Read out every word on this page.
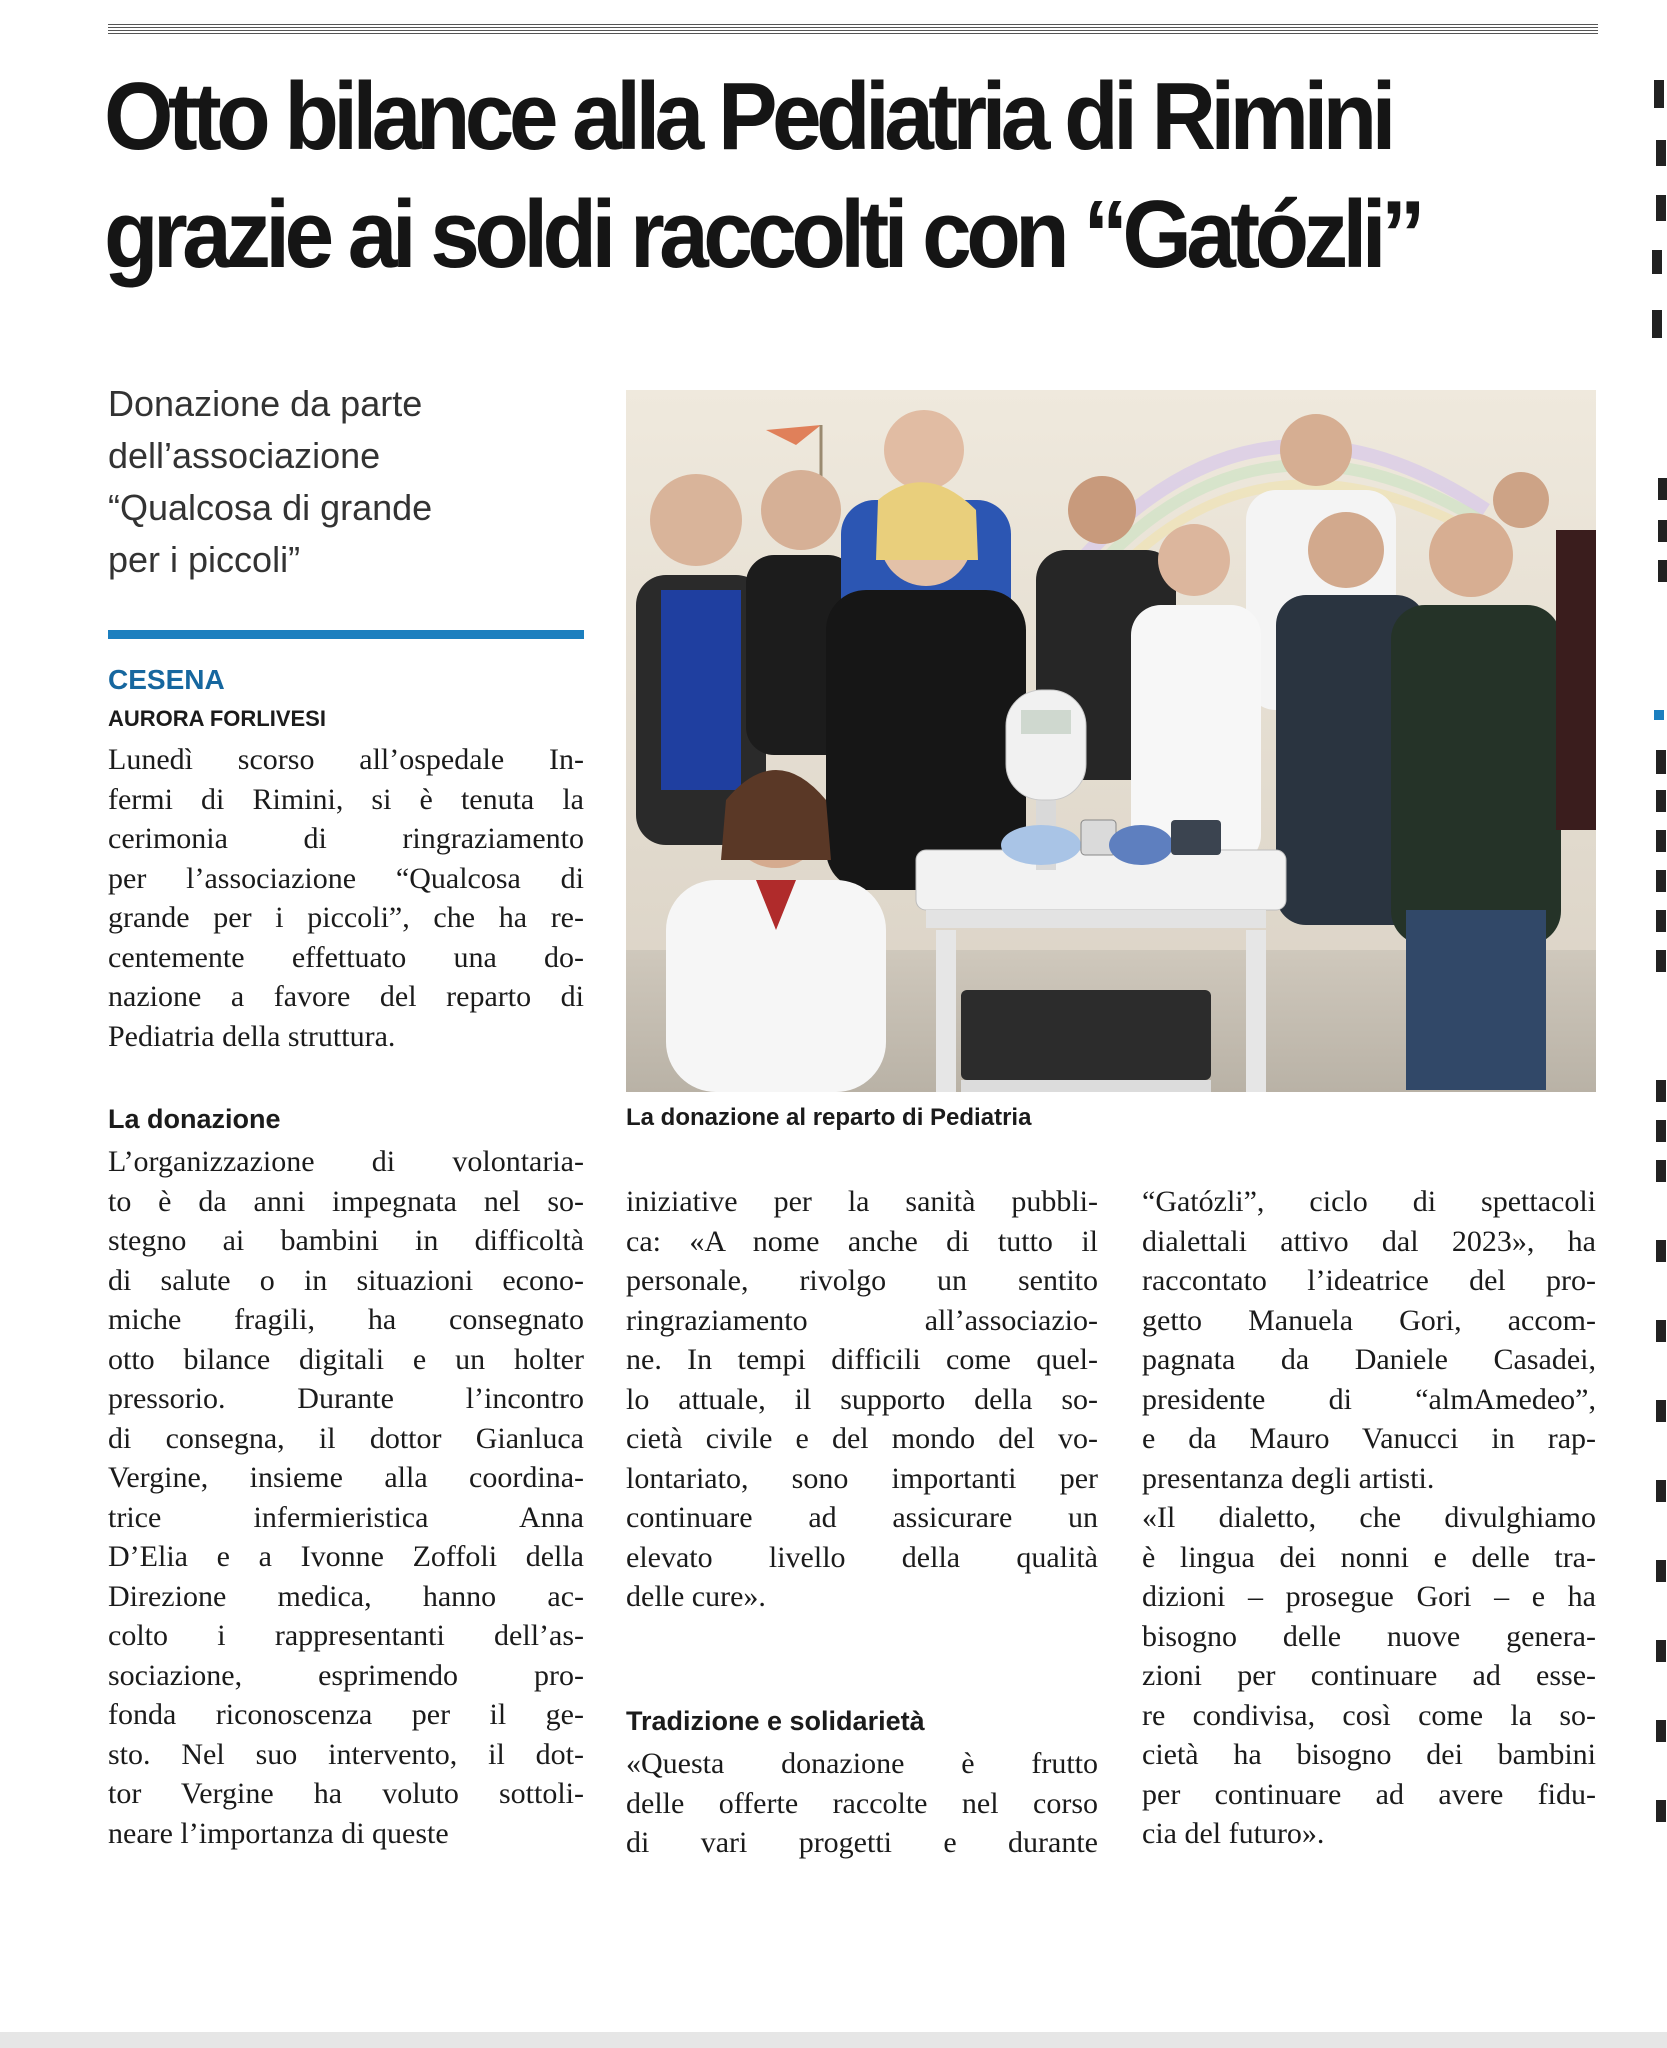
Otto bilance alla Pediatria di Rimini
grazie ai soldi raccolti con “Gatózli”

Donazione da parte
dell’associazione
“Qualcosa di grande
per i piccoli”

CESENA
AURORA FORLIVESI
Lunedì scorso all’ospedale In-
fermi di Rimini, si è tenuta la
cerimonia di ringraziamento
per l’associazione “Qualcosa di
grande per i piccoli”, che ha re-
centemente effettuato una do-
nazione a favore del reparto di
Pediatria della struttura.
La donazione
L’organizzazione di volontaria-
to è da anni impegnata nel so-
stegno ai bambini in difficoltà
di salute o in situazioni econo-
miche fragili, ha consegnato
otto bilance digitali e un holter
pressorio. Durante l’incontro
di consegna, il dottor Gianluca
Vergine, insieme alla coordina-
trice infermieristica Anna
D’Elia e a Ivonne Zoffoli della
Direzione medica, hanno ac-
colto i rappresentanti dell’as-
sociazione, esprimendo pro-
fonda riconoscenza per il ge-
sto. Nel suo intervento, il dot-
tor Vergine ha voluto sottoli-
neare l’importanza di queste
La donazione al reparto di Pediatria
iniziative per la sanità pubbli-
ca: «A nome anche di tutto il
personale, rivolgo un sentito
ringraziamento all’associazio-
ne. In tempi difficili come quel-
lo attuale, il supporto della so-
cietà civile e del mondo del vo-
lontariato, sono importanti per
continuare ad assicurare un
elevato livello della qualità
delle cure».
Tradizione e solidarietà
«Questa donazione è frutto
delle offerte raccolte nel corso
di vari progetti e durante
“Gatózli”, ciclo di spettacoli
dialettali attivo dal 2023», ha
raccontato l’ideatrice del pro-
getto Manuela Gori, accom-
pagnata da Daniele Casadei,
presidente di “almAmedeo”,
e da Mauro Vanucci in rap-
presentanza degli artisti.
«Il dialetto, che divulghiamo
è lingua dei nonni e delle tra-
dizioni – prosegue Gori – e ha
bisogno delle nuove genera-
zioni per continuare ad esse-
re condivisa, così come la so-
cietà ha bisogno dei bambini
per continuare ad avere fidu-
cia del futuro».
